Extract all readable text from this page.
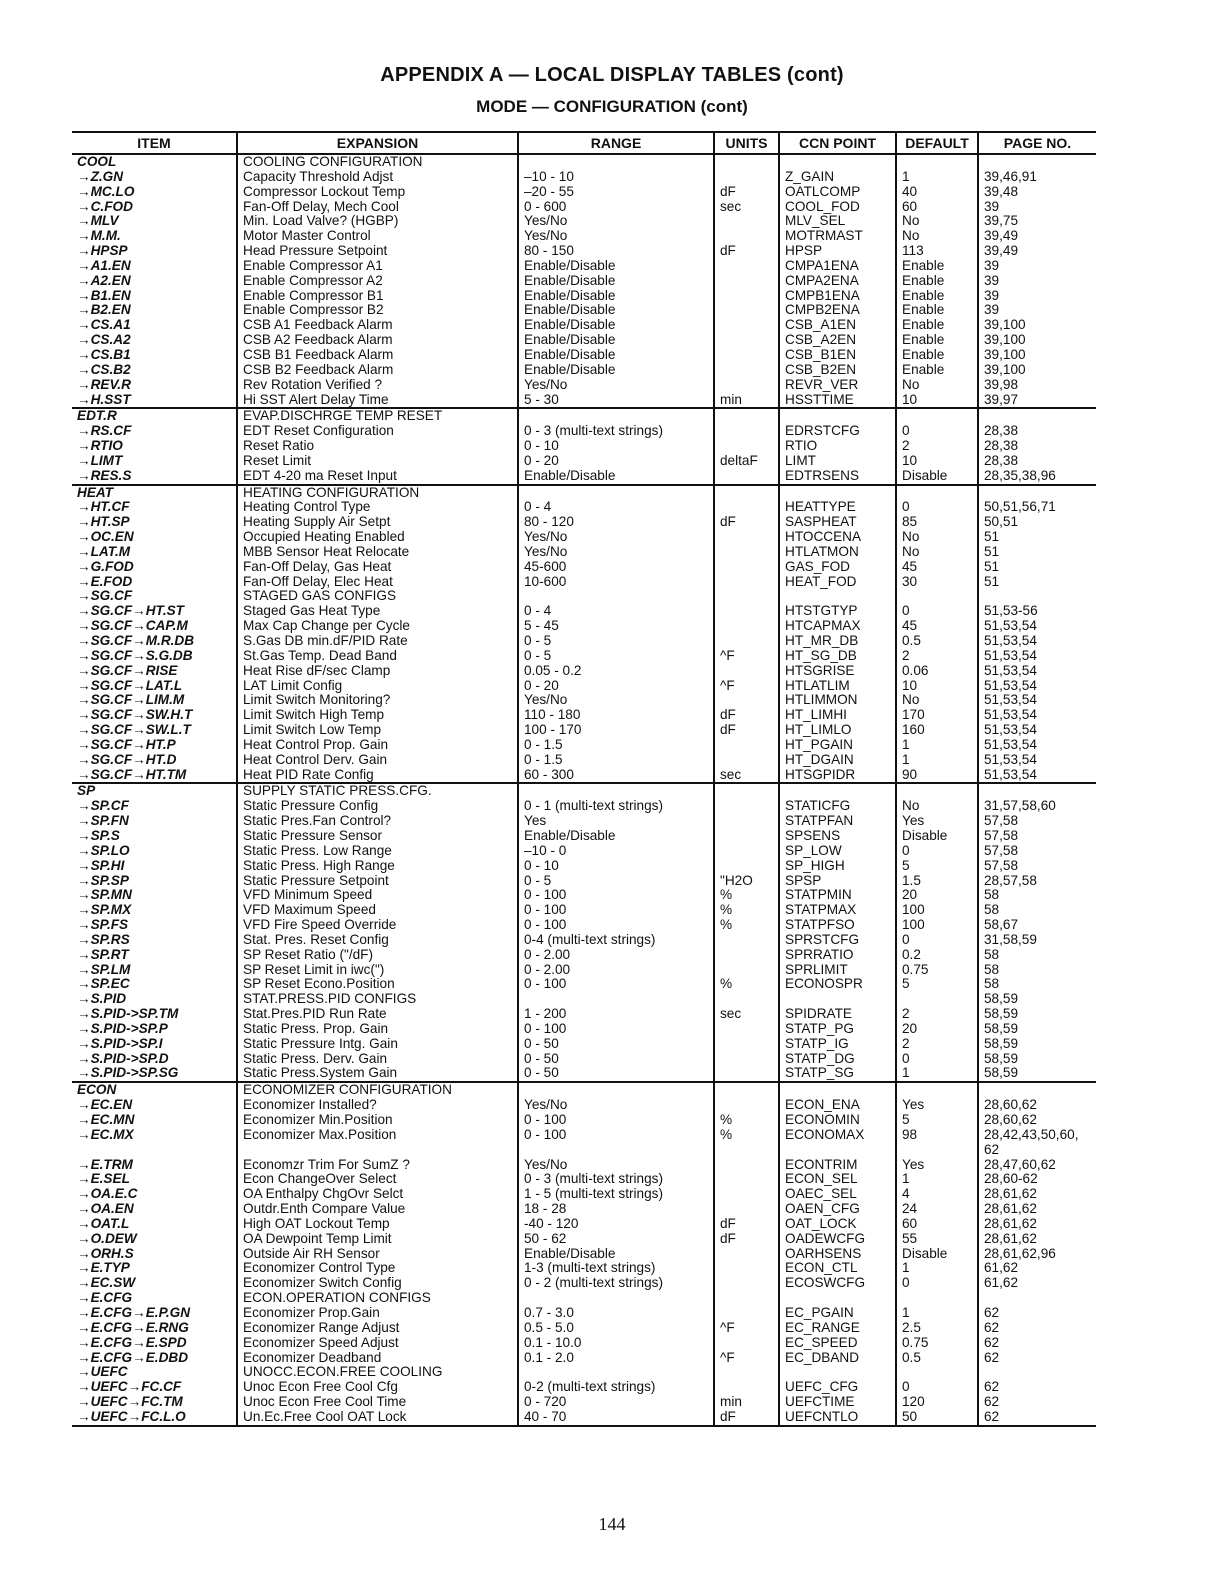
APPENDIX A — LOCAL DISPLAY TABLES (cont)
MODE — CONFIGURATION (cont)
ITEM	EXPANSION	RANGE	UNITS	CCN POINT	DEFAULT	PAGE NO.
COOL	COOLING CONFIGURATION					
→Z.GN	Capacity Threshold Adjst	–10 - 10		Z_GAIN	1	39,46,91
→MC.LO	Compressor Lockout Temp	–20 - 55	dF	OATLCOMP	40	39,48
→C.FOD	Fan-Off Delay, Mech Cool	0 - 600	sec	COOL_FOD	60	39
→MLV	Min. Load Valve? (HGBP)	Yes/No		MLV_SEL	No	39,75
→M.M.	Motor Master Control	Yes/No		MOTRMAST	No	39,49
→HPSP	Head Pressure Setpoint	80 - 150	dF	HPSP	113	39,49
→A1.EN	Enable Compressor A1	Enable/Disable		CMPA1ENA	Enable	39
→A2.EN	Enable Compressor A2	Enable/Disable		CMPA2ENA	Enable	39
→B1.EN	Enable Compressor B1	Enable/Disable		CMPB1ENA	Enable	39
→B2.EN	Enable Compressor B2	Enable/Disable		CMPB2ENA	Enable	39
→CS.A1	CSB A1 Feedback Alarm	Enable/Disable		CSB_A1EN	Enable	39,100
→CS.A2	CSB A2 Feedback Alarm	Enable/Disable		CSB_A2EN	Enable	39,100
→CS.B1	CSB B1 Feedback Alarm	Enable/Disable		CSB_B1EN	Enable	39,100
→CS.B2	CSB B2 Feedback Alarm	Enable/Disable		CSB_B2EN	Enable	39,100
→REV.R	Rev Rotation Verified ?	Yes/No		REVR_VER	No	39,98
→H.SST	Hi SST Alert Delay Time	5 - 30	min	HSSTTIME	10	39,97
EDT.R	EVAP.DISCHRGE TEMP RESET					
→RS.CF	EDT Reset Configuration	0 - 3 (multi-text strings)		EDRSTCFG	0	28,38
→RTIO	Reset Ratio	0 - 10		RTIO	2	28,38
→LIMT	Reset Limit	0 - 20	deltaF	LIMT	10	28,38
→RES.S	EDT 4-20 ma Reset Input	Enable/Disable		EDTRSENS	Disable	28,35,38,96
HEAT	HEATING CONFIGURATION					
→HT.CF	Heating Control Type	0 - 4		HEATTYPE	0	50,51,56,71
→HT.SP	Heating Supply Air Setpt	80 - 120	dF	SASPHEAT	85	50,51
→OC.EN	Occupied Heating Enabled	Yes/No		HTOCCENA	No	51
→LAT.M	MBB Sensor Heat Relocate	Yes/No		HTLATMON	No	51
→G.FOD	Fan-Off Delay, Gas Heat	45-600		GAS_FOD	45	51
→E.FOD	Fan-Off Delay, Elec Heat	10-600		HEAT_FOD	30	51
→SG.CF	STAGED GAS CONFIGS					
→SG.CF→HT.ST	Staged Gas Heat Type	0 - 4		HTSTGTYP	0	51,53-56
→SG.CF→CAP.M	Max Cap Change per Cycle	5 - 45		HTCAPMAX	45	51,53,54
→SG.CF→M.R.DB	S.Gas DB min.dF/PID Rate	0 - 5		HT_MR_DB	0.5	51,53,54
→SG.CF→S.G.DB	St.Gas Temp. Dead Band	0 - 5	^F	HT_SG_DB	2	51,53,54
→SG.CF→RISE	Heat Rise dF/sec Clamp	0.05 - 0.2		HTSGRISE	0.06	51,53,54
→SG.CF→LAT.L	LAT Limit Config	0 - 20	^F	HTLATLIM	10	51,53,54
→SG.CF→LIM.M	Limit Switch Monitoring?	Yes/No		HTLIMMON	No	51,53,54
→SG.CF→SW.H.T	Limit Switch High Temp	110 - 180	dF	HT_LIMHI	170	51,53,54
→SG.CF→SW.L.T	Limit Switch Low Temp	100 - 170	dF	HT_LIMLO	160	51,53,54
→SG.CF→HT.P	Heat Control Prop. Gain	0 - 1.5		HT_PGAIN	1	51,53,54
→SG.CF→HT.D	Heat Control Derv. Gain	0 - 1.5		HT_DGAIN	1	51,53,54
→SG.CF→HT.TM	Heat PID Rate Config	60 - 300	sec	HTSGPIDR	90	51,53,54
SP	SUPPLY STATIC PRESS.CFG.					
→SP.CF	Static Pressure Config	0 - 1 (multi-text strings)		STATICFG	No	31,57,58,60
→SP.FN	Static Pres.Fan Control?	Yes		STATPFAN	Yes	57,58
→SP.S	Static Pressure Sensor	Enable/Disable		SPSENS	Disable	57,58
→SP.LO	Static Press. Low Range	–10 - 0		SP_LOW	0	57,58
→SP.HI	Static Press. High Range	0 - 10		SP_HIGH	5	57,58
→SP.SP	Static Pressure Setpoint	0 - 5	"H2O	SPSP	1.5	28,57,58
→SP.MN	VFD Minimum Speed	0 - 100	%	STATPMIN	20	58
→SP.MX	VFD Maximum Speed	0 - 100	%	STATPMAX	100	58
→SP.FS	VFD Fire Speed Override	0 - 100	%	STATPFSO	100	58,67
→SP.RS	Stat. Pres. Reset Config	0-4 (multi-text strings)		SPRSTCFG	0	31,58,59
→SP.RT	SP Reset Ratio ("/dF)	0 - 2.00		SPRRATIO	0.2	58
→SP.LM	SP Reset Limit in iwc(")	0 - 2.00		SPRLIMIT	0.75	58
→SP.EC	SP Reset Econo.Position	0 - 100	%	ECONOSPR	5	58
→S.PID	STAT.PRESS.PID CONFIGS					58,59
→S.PID->SP.TM	Stat.Pres.PID Run Rate	1 - 200	sec	SPIDRATE	2	58,59
→S.PID->SP.P	Static Press. Prop. Gain	0 - 100		STATP_PG	20	58,59
→S.PID->SP.I	Static Pressure Intg. Gain	0 - 50		STATP_IG	2	58,59
→S.PID->SP.D	Static Press. Derv. Gain	0 - 50		STATP_DG	0	58,59
→S.PID->SP.SG	Static Press.System Gain	0 - 50		STATP_SG	1	58,59
ECON	ECONOMIZER CONFIGURATION					
→EC.EN	Economizer Installed?	Yes/No		ECON_ENA	Yes	28,60,62
→EC.MN	Economizer Min.Position	0 - 100	%	ECONOMIN	5	28,60,62
→EC.MX	Economizer Max.Position	0 - 100	%	ECONOMAX	98	28,42,43,50,60,
						62
→E.TRM	Economzr Trim For SumZ ?	Yes/No		ECONTRIM	Yes	28,47,60,62
→E.SEL	Econ ChangeOver Select	0 - 3 (multi-text strings)		ECON_SEL	1	28,60-62
→OA.E.C	OA Enthalpy ChgOvr Selct	1 - 5 (multi-text strings)		OAEC_SEL	4	28,61,62
→OA.EN	Outdr.Enth Compare Value	18 - 28		OAEN_CFG	24	28,61,62
→OAT.L	High OAT Lockout Temp	-40 - 120	dF	OAT_LOCK	60	28,61,62
→O.DEW	OA Dewpoint Temp Limit	50 - 62	dF	OADEWCFG	55	28,61,62
→ORH.S	Outside Air RH Sensor	Enable/Disable		OARHSENS	Disable	28,61,62,96
→E.TYP	Economizer Control Type	1-3 (multi-text strings)		ECON_CTL	1	61,62
→EC.SW	Economizer Switch Config	0 - 2 (multi-text strings)		ECOSWCFG	0	61,62
→E.CFG	ECON.OPERATION CONFIGS					
→E.CFG→E.P.GN	Economizer Prop.Gain	0.7 - 3.0		EC_PGAIN	1	62
→E.CFG→E.RNG	Economizer Range Adjust	0.5 - 5.0	^F	EC_RANGE	2.5	62
→E.CFG→E.SPD	Economizer Speed Adjust	0.1 - 10.0		EC_SPEED	0.75	62
→E.CFG→E.DBD	Economizer Deadband	0.1 - 2.0	^F	EC_DBAND	0.5	62
→UEFC	UNOCC.ECON.FREE COOLING					
→UEFC→FC.CF	Unoc Econ Free Cool Cfg	0-2 (multi-text strings)		UEFC_CFG	0	62
→UEFC→FC.TM	Unoc Econ Free Cool Time	0 - 720	min	UEFCTIME	120	62
→UEFC→FC.L.O	Un.Ec.Free Cool OAT Lock	40 - 70	dF	UEFCNTLO	50	62
144
